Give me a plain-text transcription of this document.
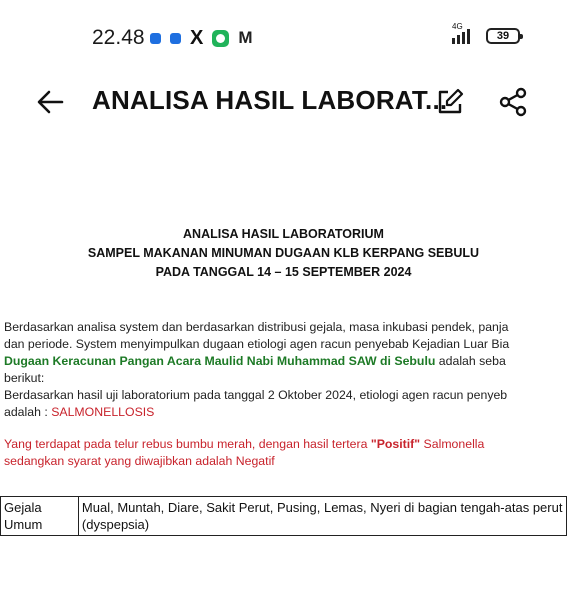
22.48 X M
4G
39
ANALISA HASIL LABORAT...
ANALISA HASIL LABORATORIUM
SAMPEL MAKANAN MINUMAN DUGAAN KLB KERPANG SEBULU
PADA TANGGAL 14 – 15 SEPTEMBER 2024
Berdasarkan analisa system dan berdasarkan distribusi gejala, masa inkubasi pendek, panja
dan periode. System menyimpulkan dugaan etiologi agen racun penyebab Kejadian Luar Bia
Dugaan Keracunan Pangan Acara Maulid Nabi Muhammad SAW di Sebulu adalah seba
berikut:
Berdasarkan hasil uji laboratorium pada tanggal 2 Oktober 2024, etiologi agen racun penyeb
adalah : SALMONELLOSIS
Yang terdapat pada telur rebus bumbu merah, dengan hasil tertera "Positif" Salmonella
sedangkan syarat yang diwajibkan adalah Negatif
Gejala Umum	Mual, Muntah, Diare, Sakit Perut, Pusing, Lemas, Nyeri di bagian tengah-atas perut (dyspepsia)
